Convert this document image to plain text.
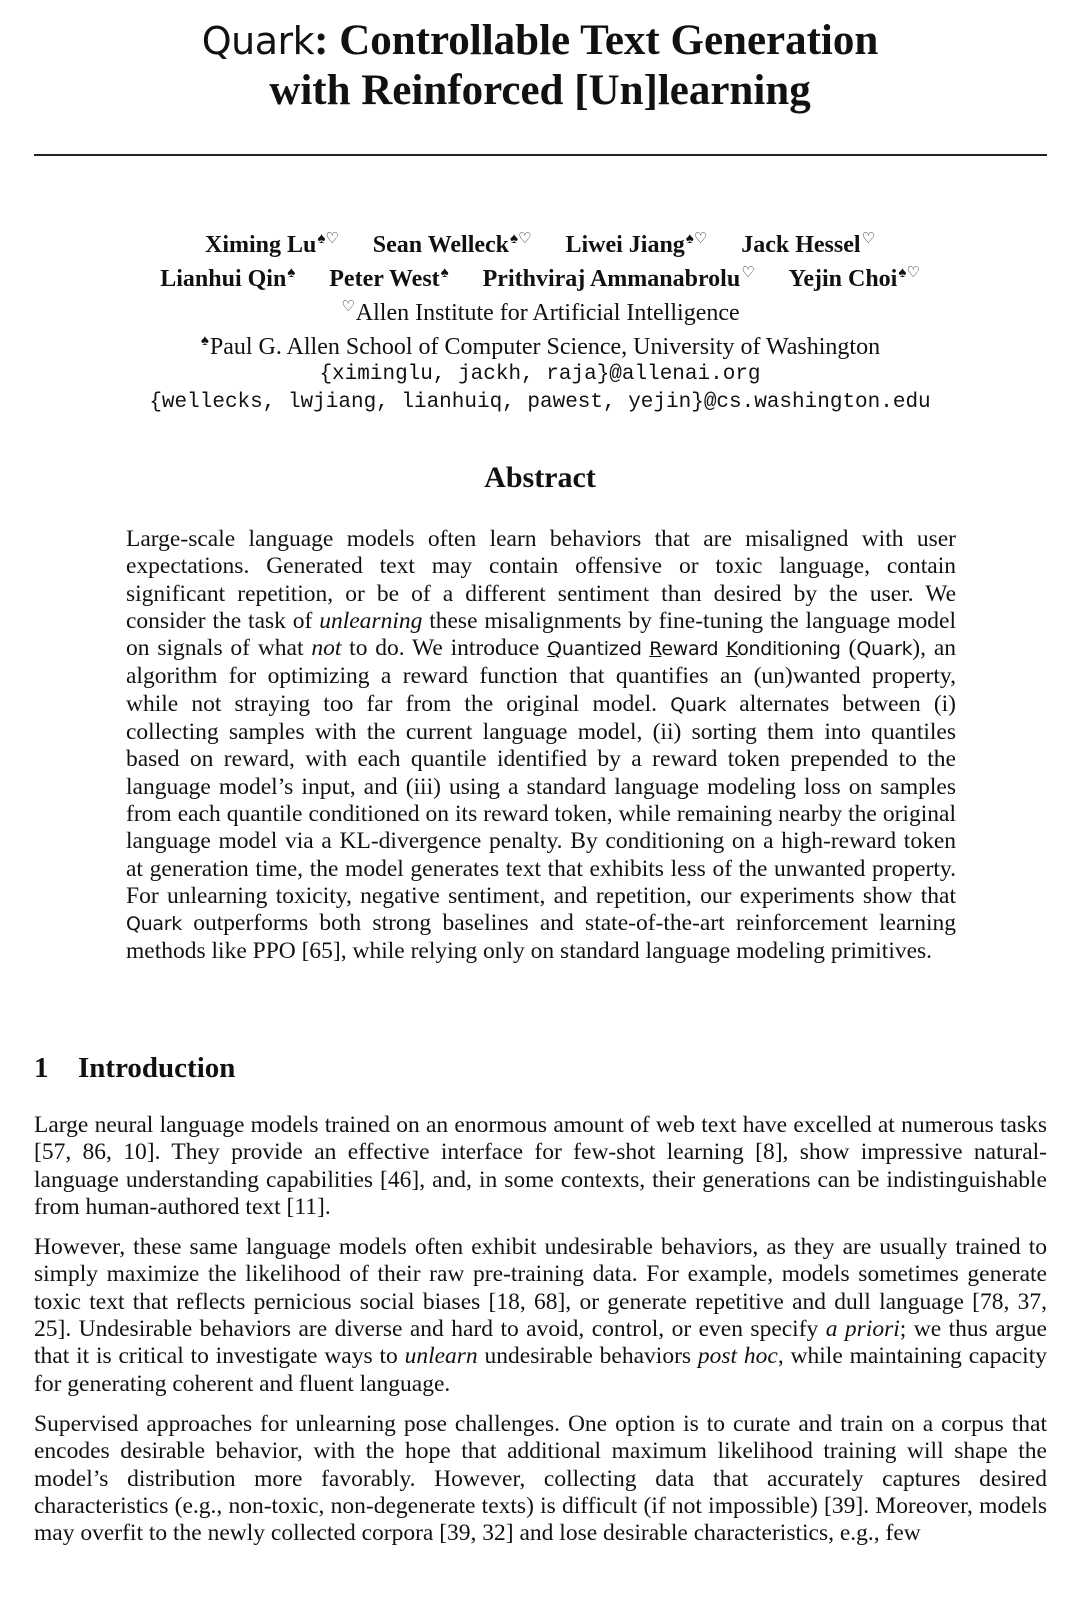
Quark: Controllable Text Generation
with Reinforced [Un]learning
Ximing Lu♠♡ Sean Welleck♠♡ Liwei Jiang♠♡ Jack Hessel♡
Lianhui Qin♠ Peter West♠ Prithviraj Ammanabrolu♡ Yejin Choi♠♡
♡Allen Institute for Artificial Intelligence
♠Paul G. Allen School of Computer Science, University of Washington
{ximinglu, jackh, raja}@allenai.org
{wellecks, lwjiang, lianhuiq, pawest, yejin}@cs.washington.edu
Abstract
Large-scale language models often learn behaviors that are misaligned with user expectations. Generated text may contain offensive or toxic language, contain significant repetition, or be of a different sentiment than desired by the user. We consider the task of unlearning these misalignments by fine-tuning the language model on signals of what not to do. We introduce Quantized Reward Konditioning (Quark), an algorithm for optimizing a reward function that quantifies an (un)wanted property, while not straying too far from the original model. Quark alternates between (i) collecting samples with the current language model, (ii) sorting them into quantiles based on reward, with each quantile identified by a reward token prepended to the language model’s input, and (iii) using a standard language modeling loss on samples from each quantile conditioned on its reward token, while remaining nearby the original language model via a KL-divergence penalty. By conditioning on a high-reward token at generation time, the model generates text that exhibits less of the unwanted property. For unlearning toxicity, negative sentiment, and repetition, our experiments show that Quark outperforms both strong baselines and state-of-the-art reinforcement learning methods like PPO [65], while relying only on standard language modeling primitives.
1 Introduction

Large neural language models trained on an enormous amount of web text have excelled at numerous tasks [57, 86, 10]. They provide an effective interface for few-shot learning [8], show impressive natural-language understanding capabilities [46], and, in some contexts, their generations can be indistinguishable from human-authored text [11].

However, these same language models often exhibit undesirable behaviors, as they are usually trained to simply maximize the likelihood of their raw pre-training data. For example, models sometimes generate toxic text that reflects pernicious social biases [18, 68], or generate repetitive and dull language [78, 37, 25]. Undesirable behaviors are diverse and hard to avoid, control, or even specify a priori; we thus argue that it is critical to investigate ways to unlearn undesirable behaviors post hoc, while maintaining capacity for generating coherent and fluent language.

Supervised approaches for unlearning pose challenges. One option is to curate and train on a corpus that encodes desirable behavior, with the hope that additional maximum likelihood training will shape the model’s distribution more favorably. However, collecting data that accurately captures desired characteristics (e.g., non-toxic, non-degenerate texts) is difficult (if not impossible) [39]. Moreover, models may overfit to the newly collected corpora [39, 32] and lose desirable characteristics, e.g., few
